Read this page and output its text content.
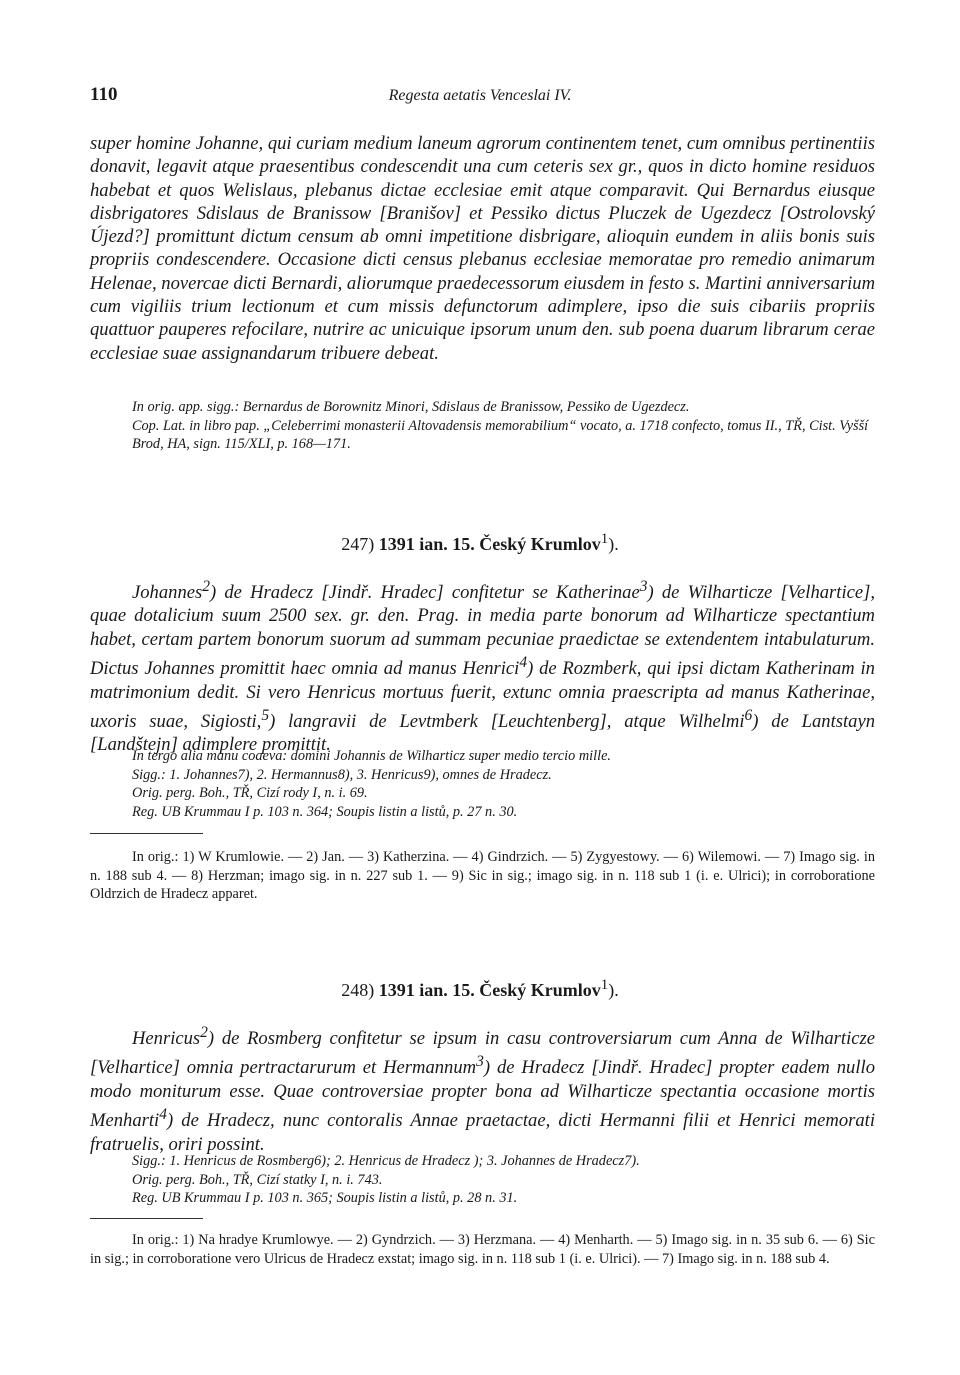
110	Regesta aetatis Venceslai IV.

super homine Johanne, qui curiam medium laneum agrorum continentem tenet, cum omnibus pertinentiis donavit, legavit atque praesentibus condescendit una cum ceteris sex gr., quos in dicto homine residuos habebat et quos Welislaus, plebanus dictae ecclesiae emit atque comparavit. Qui Bernardus eiusque disbrigatores Sdislaus de Branissow [Branišov] et Pessiko dictus Pluczek de Ugezdecz [Ostrolovský Újezd?] promittunt dictum censum ab omni impetitione disbrigare, alioquin eundem in aliis bonis suis propriis condescendere. Occasione dicti census plebanus ecclesiae memoratae pro remedio animarum Helenae, novercae dicti Bernardi, aliorumque praedecessorum eiusdem in festo s. Martini anniversarium cum vigiliis trium lectionum et cum missis defunctorum adimplere, ipso die suis cibariis propriis quattuor pauperes refocilare, nutrire ac unicuique ipsorum unum den. sub poena duarum librarum cerae ecclesiae suae assignandarum tribuere debeat.

In orig. app. sigg.: Bernardus de Borownitz Minori, Sdislaus de Branissow, Pessiko de Ugezdecz.

Cop. Lat. in libro pap. „Celeberrimi monasterii Altovadensis memorabilium“ vocato, a. 1718 confecto, tomus II., TŘ, Cist. Vyšší Brod, HA, sign. 115/XLI, p. 168—171.

247) 1391 ian. 15. Český Krumlov$^1$).

Johannes$^2$) de Hradecz [Jindř. Hradec] confitetur se Katherinae$^3$) de Wilharticze [Velhartice], quae dotalicium suum 2500 sex. gr. den. Prag. in media parte bonorum ad Wilharticze spectantium habet, certam partem bonorum suorum ad summam pecuniae praedictae se extendentem intabulaturum. Dictus Johannes promittit haec omnia ad manus Henrici$^4$) de Rozmberk, qui ipsi dictam Katherinam in matrimonium dedit. Si vero Henricus mortuus fuerit, extunc omnia praescripta ad manus Katherinae, uxoris suae, Sigiosti,$^5$) langravii de Levtmberk [Leuchtenberg], atque Wilhelmi$^6$) de Lantstayn [Landštejn] adimplere promittit.

In tergo alia manu coaeva: domini Johannis de Wilharticz super medio tercio mille.

Sigg.: 1. Johannes7), 2. Hermannus8), 3. Henricus9), omnes de Hradecz.

Orig. perg. Boh., TŘ, Cizí rody I, n. i. 69.

Reg. UB Krummau I p. 103 n. 364; Soupis listin a listů, p. 27 n. 30.

In orig.: 1) W Krumlowie. — 2) Jan. — 3) Katherzina. — 4) Gindrzich. — 5) Zygyestowy. — 6) Wilemowi. — 7) Imago sig. in n. 188 sub 4. — 8) Herzman; imago sig. in n. 227 sub 1. — 9) Sic in sig.; imago sig. in n. 118 sub 1 (i. e. Ulrici); in corroboratione Oldrzich de Hradecz apparet.

248) 1391 ian. 15. Český Krumlov$^1$).

Henricus$^2$) de Rosmberg confitetur se ipsum in casu controversiarum cum Anna de Wilharticze [Velhartice] omnia pertractarurum et Hermannum$^3$) de Hradecz [Jindř. Hradec] propter eadem nullo modo moniturum esse. Quae controversiae propter bona ad Wilharticze spectantia occasione mortis Menharti$^4$) de Hradecz, nunc contoralis Annae praetactae, dicti Hermanni filii et Henrici memorati fratruelis, oriri possint.

Sigg.: 1. Henricus de Rosmberg6); 2. Henricus de Hradecz ); 3. Johannes de Hradecz7).

Orig. perg. Boh., TŘ, Cizí statky I, n. i. 743.

Reg. UB Krummau I p. 103 n. 365; Soupis listin a listů, p. 28 n. 31.

In orig.: 1) Na hradye Krumlowye. — 2) Gyndrzich. — 3) Herzmana. — 4) Menharth. — 5) Imago sig. in n. 35 sub 6. — 6) Sic in sig.; in corroboratione vero Ulricus de Hradecz exstat; imago sig. in n. 118 sub 1 (i. e. Ulrici). — 7) Imago sig. in n. 188 sub 4.
